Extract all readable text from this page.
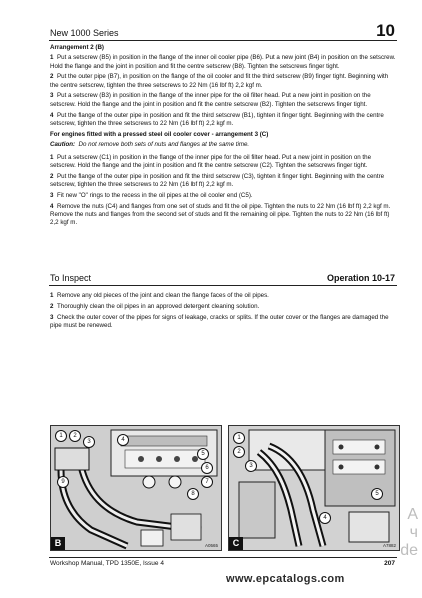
New 1000 Series	10
Arrangement 2 (B)
1 Put a setscrew (B5) in position in the flange of the inner oil cooler pipe (B6). Put a new joint (B4) in position on the setscrew. Hold the flange and the joint in position and fit the centre setscrew (B8). Tighten the setscrews finger tight.
2 Put the outer pipe (B7), in position on the flange of the oil cooler and fit the third setscrew (B9) finger tight. Beginning with the centre setscrew, tighten the three setscrews to 22 Nm (16 lbf ft) 2,2 kgf m.
3 Put a setscrew (B3) in position in the flange of the inner pipe for the oil filter head. Put a new joint in position on the setscrew. Hold the flange and the joint in position and fit the centre setscrew (B2). Tighten the setscrews finger tight.
4 Put the flange of the outer pipe in position and fit the third setscrew (B1), tighten it finger tight. Beginning with the centre setscrew, tighten the three setscrews to 22 Nm (16 lbf ft) 2,2 kgf m.
For engines fitted with a pressed steel oil cooler cover - arrangement 3 (C)
Caution: Do not remove both sets of nuts and flanges at the same time.
1 Put a setscrew (C1) in position in the flange of the inner pipe for the oil filter head. Put a new joint in position on the setscrew. Hold the flange and the joint in position and fit the centre setscrew (C2). Tighten the setscrews finger tight.
2 Put the flange of the outer pipe in position and fit the third setscrew (C3), tighten it finger tight. Beginning with the centre setscrew, tighten the three setscrews to 22 Nm (16 lbf ft) 2,2 kgf m.
3 Fit new "O" rings to the recess in the oil pipes at the oil cooler end (C5).
4 Remove the nuts (C4) and flanges from one set of studs and fit the oil pipe. Tighten the nuts to 22 Nm (16 lbf ft) 2,2 kgf m. Remove the nuts and flanges from the second set of studs and fit the remaining oil pipe. Tighten the nuts to 22 Nm (16 lbf ft) 2,2 kgf m.
To Inspect	Operation 10-17
1 Remove any old pieces of the joint and clean the flange faces of the oil pipes.
2 Thoroughly clean the oil pipes in an approved detergent cleaning solution.
3 Check the outer cover of the pipes for signs of leakage, cracks or splits. If the outer cover or the flanges are damaged the pipe must be renewed.
1	2
3	4
5
6
7
8
9
B	A0565
1
2
3
4
5
C	A7882
A
ч
de
Workshop Manual, TPD 1350E, Issue 4	207
www.epcatalogs.com
